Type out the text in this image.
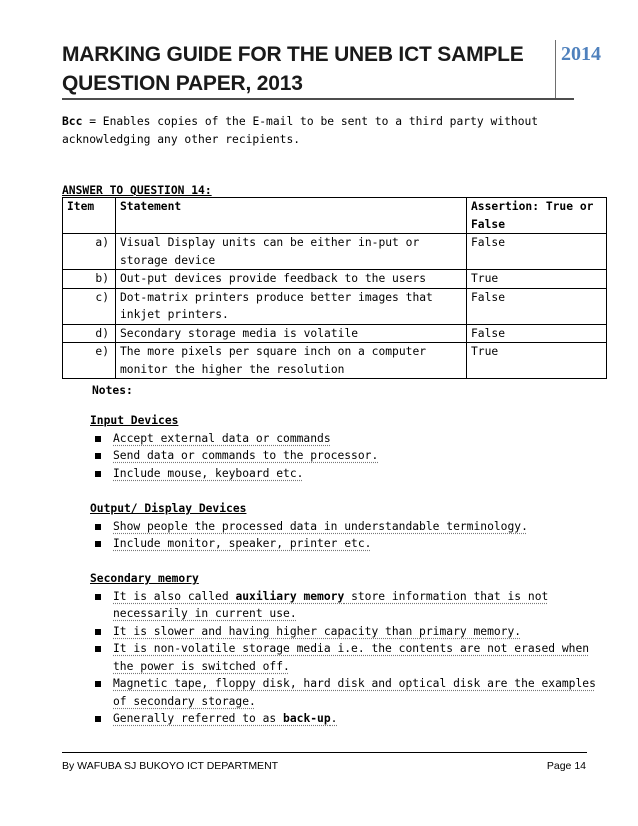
MARKING GUIDE FOR THE UNEB ICT SAMPLE QUESTION PAPER, 2013
2014
Bcc = Enables copies of the E-mail to be sent to a third party without acknowledging any other recipients.
ANSWER TO QUESTION 14:
Item	Statement	Assertion: True or False
a)	Visual Display units can be either in-put or storage device	False
b)	Out-put devices provide feedback to the users	True
c)	Dot-matrix printers produce better images that inkjet printers.	False
d)	Secondary storage media is volatile	False
e)	The more pixels per square inch on a computer monitor the higher the resolution	True
Notes:
Input Devices
Accept external data or commands
Send data or commands to the processor.
Include mouse, keyboard etc.
Output/ Display Devices
Show people the processed data in understandable terminology.
Include monitor, speaker, printer etc.
Secondary memory
It is also called auxiliary memory store information that is not necessarily in current use.
It is slower and having higher capacity than primary memory.
It is non-volatile storage media i.e. the contents are not erased when the power is switched off.
Magnetic tape, floppy disk, hard disk and optical disk are the examples of secondary storage.
Generally referred to as back-up.
By WAFUBA SJ BUKOYO ICT DEPARTMENT	Page 14
